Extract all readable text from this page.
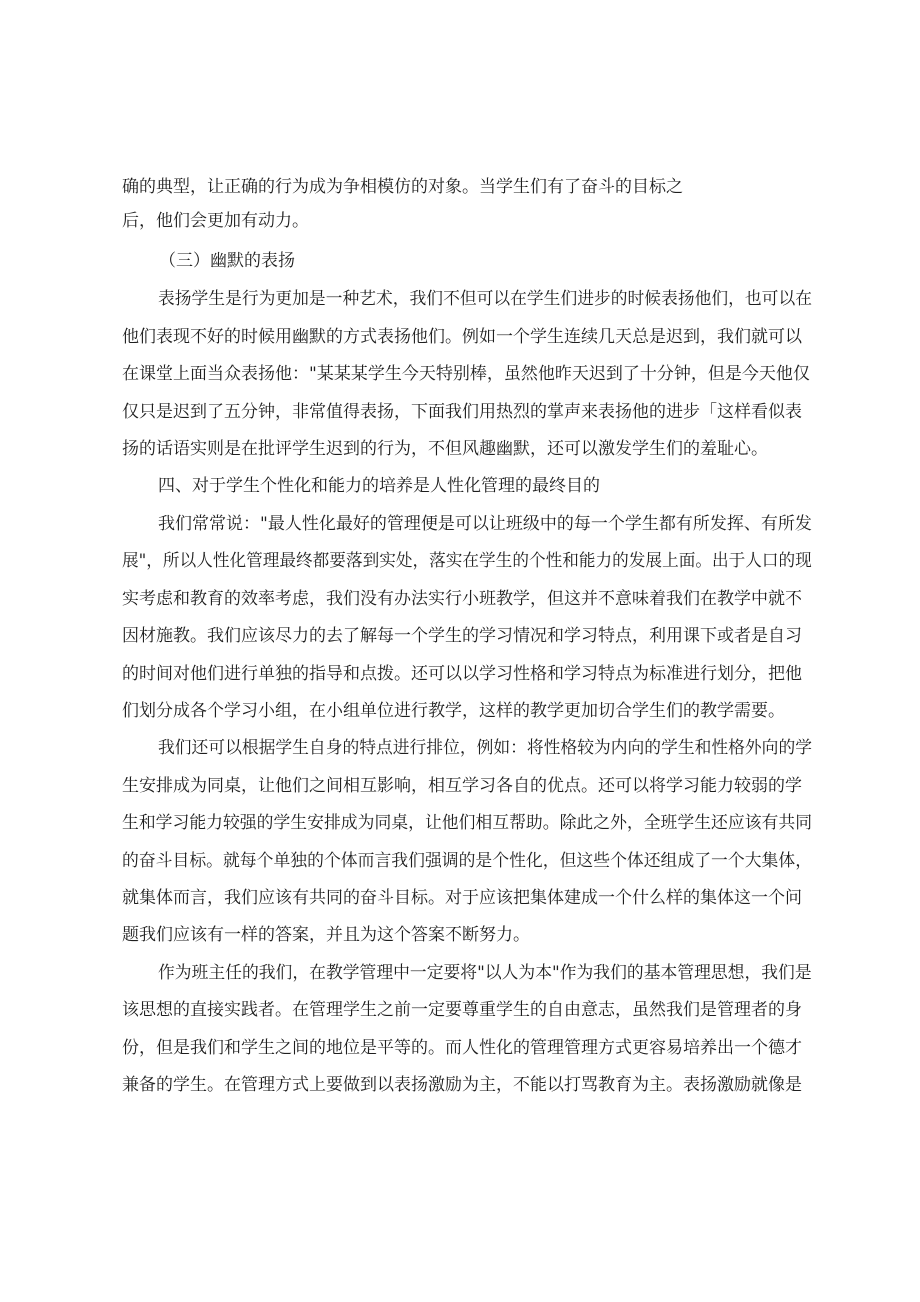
确的典型，让正确的行为成为争相模仿的对象。当学生们有了奋斗的目标之
后，他们会更加有动力。
（三）幽默的表扬
表扬学生是行为更加是一种艺术，我们不但可以在学生们进步的时候表扬他们，也可以在
他们表现不好的时候用幽默的方式表扬他们。例如一个学生连续几天总是迟到，我们就可以
在课堂上面当众表扬他："某某某学生今天特别棒，虽然他昨天迟到了十分钟，但是今天他仅
仅只是迟到了五分钟，非常值得表扬，下面我们用热烈的掌声来表扬他的进步「这样看似表
扬的话语实则是在批评学生迟到的行为，不但风趣幽默，还可以激发学生们的羞耻心。
四、对于学生个性化和能力的培养是人性化管理的最终目的
我们常常说："最人性化最好的管理便是可以让班级中的每一个学生都有所发挥、有所发
展"，所以人性化管理最终都要落到实处，落实在学生的个性和能力的发展上面。出于人口的现
实考虑和教育的效率考虑，我们没有办法实行小班教学，但这并不意味着我们在教学中就不
因材施教。我们应该尽力的去了解每一个学生的学习情况和学习特点，利用课下或者是自习
的时间对他们进行单独的指导和点拨。还可以以学习性格和学习特点为标准进行划分，把他
们划分成各个学习小组，在小组单位进行教学，这样的教学更加切合学生们的教学需要。
我们还可以根据学生自身的特点进行排位，例如：将性格较为内向的学生和性格外向的学
生安排成为同桌，让他们之间相互影响，相互学习各自的优点。还可以将学习能力较弱的学
生和学习能力较强的学生安排成为同桌，让他们相互帮助。除此之外，全班学生还应该有共同
的奋斗目标。就每个单独的个体而言我们强调的是个性化，但这些个体还组成了一个大集体，
就集体而言，我们应该有共同的奋斗目标。对于应该把集体建成一个什么样的集体这一个问
题我们应该有一样的答案，并且为这个答案不断努力。
作为班主任的我们，在教学管理中一定要将"以人为本"作为我们的基本管理思想，我们是
该思想的直接实践者。在管理学生之前一定要尊重学生的自由意志，虽然我们是管理者的身
份，但是我们和学生之间的地位是平等的。而人性化的管理管理方式更容易培养出一个德才
兼备的学生。在管理方式上要做到以表扬激励为主，不能以打骂教育为主。表扬激励就像是
